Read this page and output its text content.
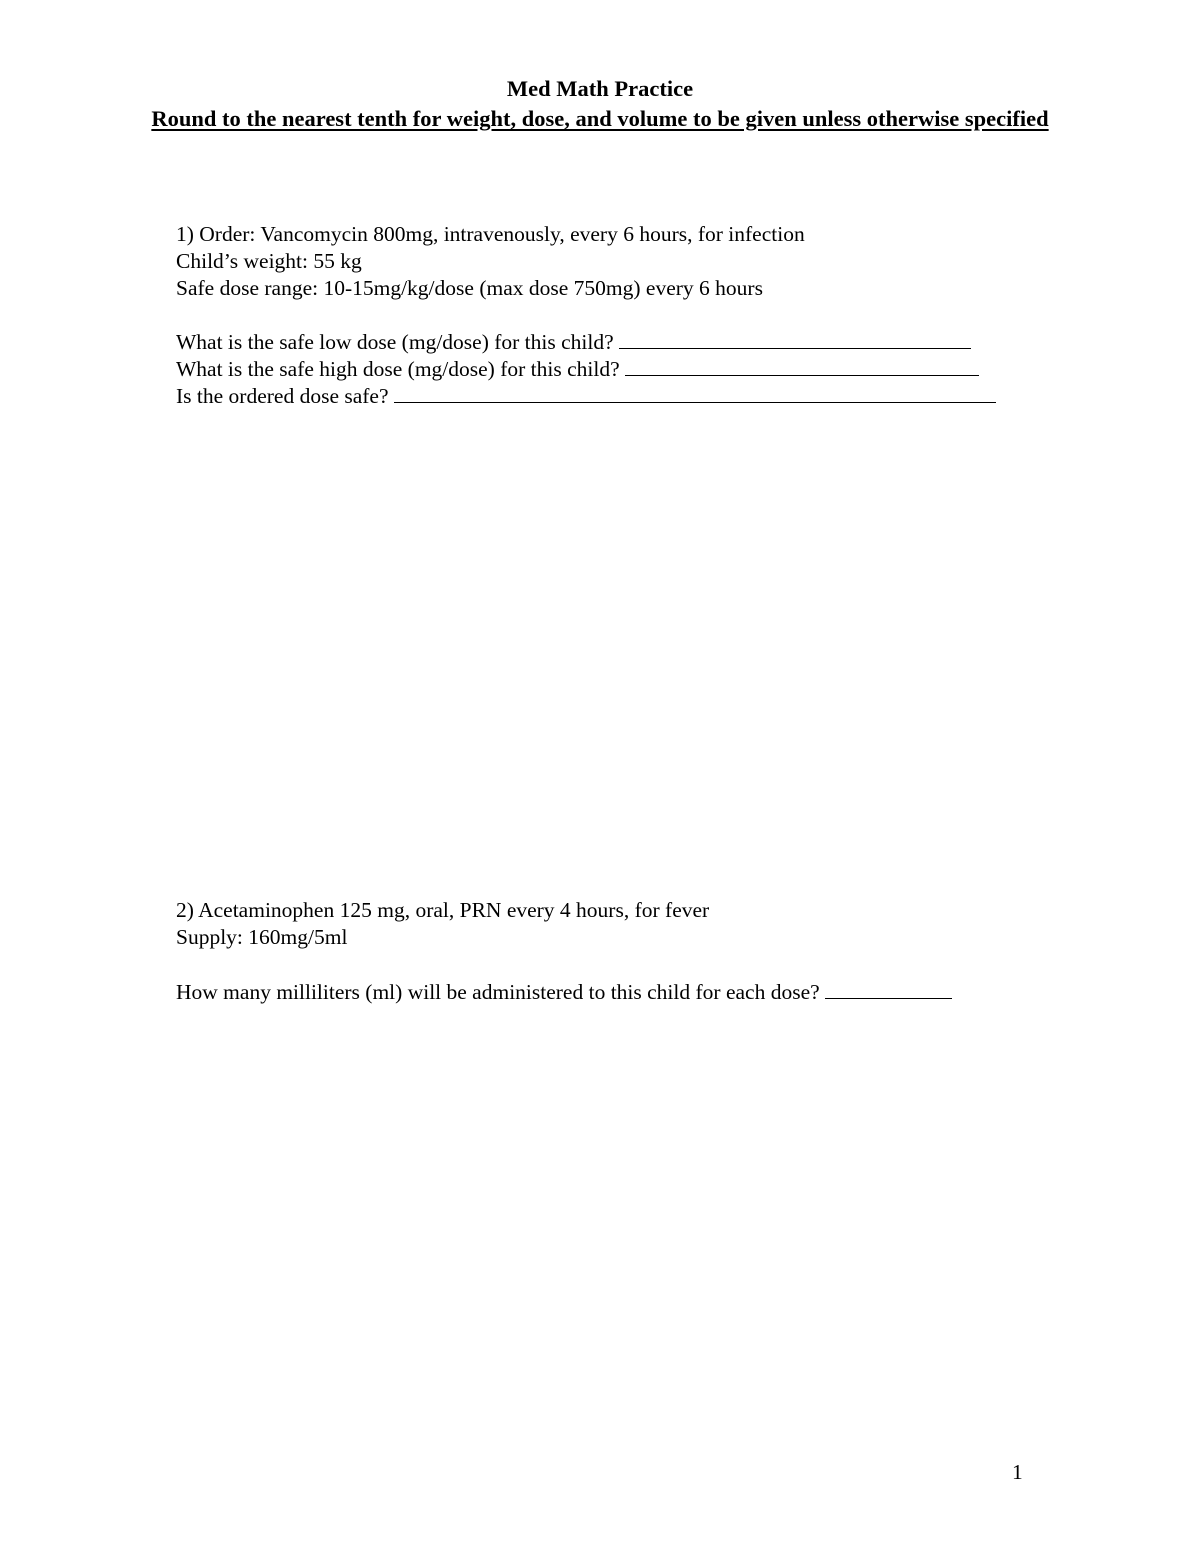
Med Math Practice
Round to the nearest tenth for weight, dose, and volume to be given unless otherwise specified
1) Order: Vancomycin 800mg, intravenously, every 6 hours, for infection
Child’s weight: 55 kg
Safe dose range: 10-15mg/kg/dose (max dose 750mg) every 6 hours
What is the safe low dose (mg/dose) for this child?
What is the safe high dose (mg/dose) for this child?
Is the ordered dose safe?
2) Acetaminophen 125 mg, oral, PRN every 4 hours, for fever
Supply: 160mg/5ml
How many milliliters (ml) will be administered to this child for each dose?
1
